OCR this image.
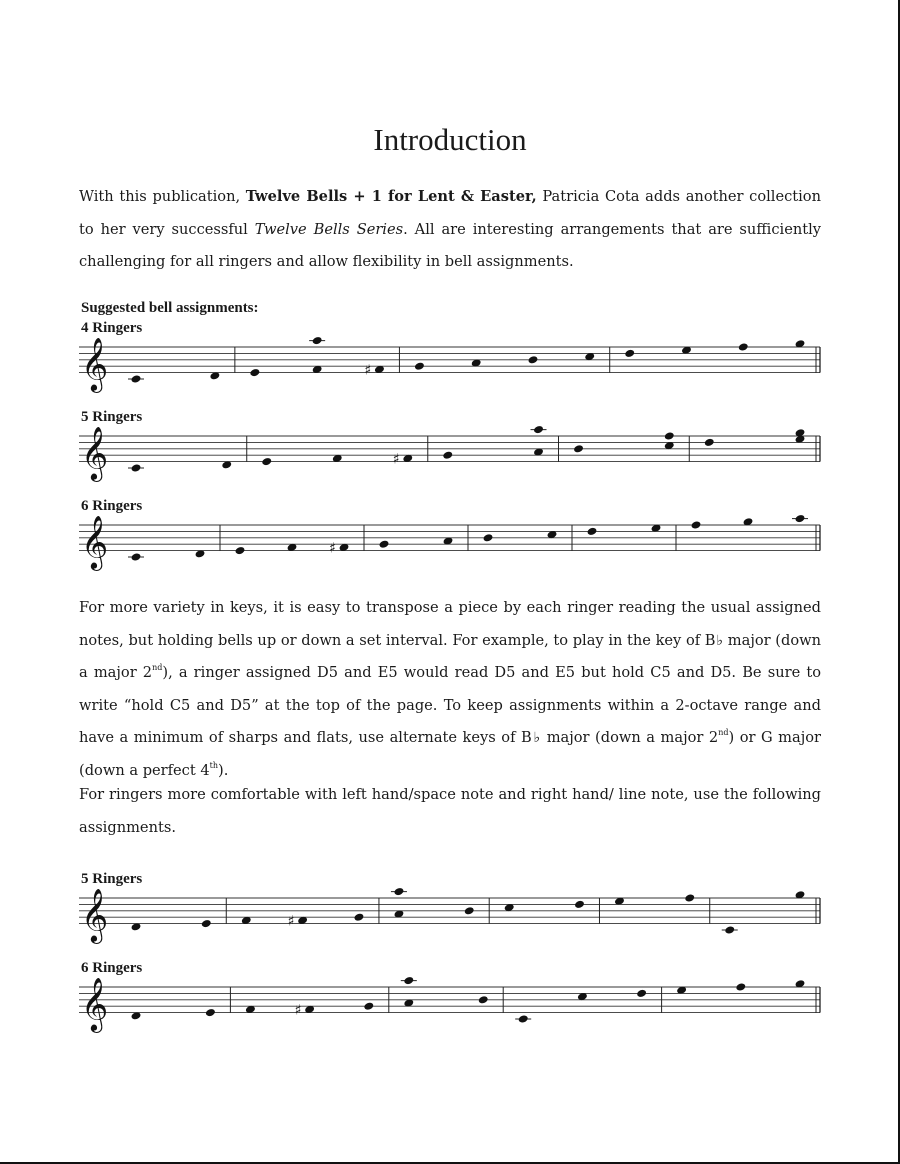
Introduction
With this publication, Twelve Bells + 1 for Lent & Easter, Patricia Cota adds another collection to her very successful Twelve Bells Series. All are interesting arrangements that are sufficiently challenging for all ringers and allow flexibility in bell assignments.
Suggested bell assignments:
4 Ringers
𝄞	♯
5 Ringers
𝄞	♯
6 Ringers
𝄞	♯
For more variety in keys, it is easy to transpose a piece by each ringer reading the usual assigned notes, but holding bells up or down a set interval. For example, to play in the key of B♭ major (down a major 2nd), a ringer assigned D5 and E5 would read D5 and E5 but hold C5 and D5. Be sure to write “hold C5 and D5” at the top of the page. To keep assignments within a 2-octave range and have a minimum of sharps and flats, use alternate keys of B♭ major (down a major 2nd) or G major (down a perfect 4th).
For ringers more comfortable with left hand/space note and right hand/ line note, use the following assignments.
5 Ringers
𝄞	♯
6 Ringers
𝄞	♯
